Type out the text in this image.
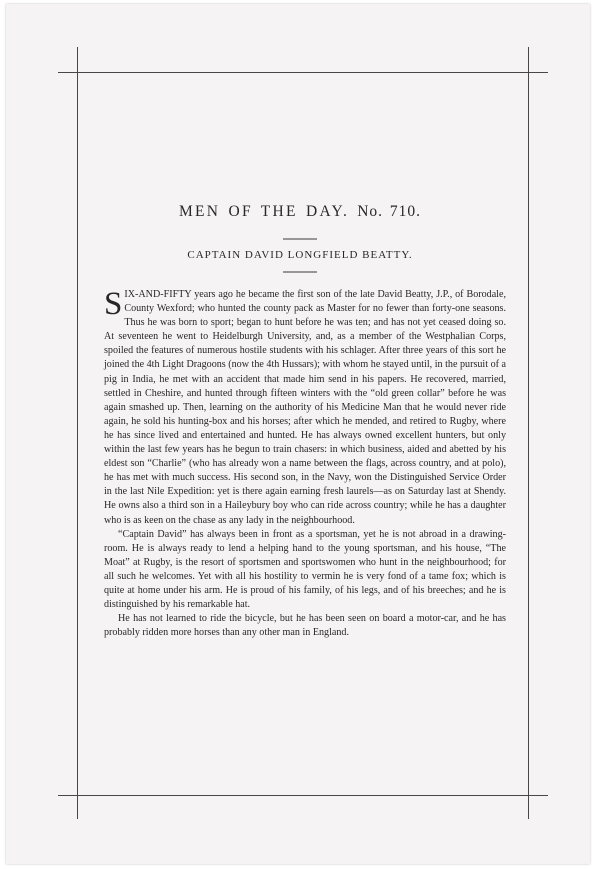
MEN OF THE DAY. No. 710.
CAPTAIN DAVID LONGFIELD BEATTY.

SIX-AND-FIFTY years ago he became the first son of the late David Beatty, J.P., of Borodale, County Wexford; who hunted the county pack as Master for no fewer than forty-one seasons. Thus he was born to sport; began to hunt before he was ten; and has not yet ceased doing so. At seventeen he went to Heidelburgh University, and, as a member of the Westphalian Corps, spoiled the features of numerous hostile students with his schlager. After three years of this sort he joined the 4th Light Dragoons (now the 4th Hussars); with whom he stayed until, in the pursuit of a pig in India, he met with an accident that made him send in his papers. He recovered, married, settled in Cheshire, and hunted through fifteen winters with the “old green collar” before he was again smashed up. Then, learning on the authority of his Medicine Man that he would never ride again, he sold his hunting-box and his horses; after which he mended, and retired to Rugby, where he has since lived and entertained and hunted. He has always owned excellent hunters, but only within the last few years has he begun to train chasers: in which business, aided and abetted by his eldest son “Charlie” (who has already won a name between the flags, across country, and at polo), he has met with much success. His second son, in the Navy, won the Distinguished Service Order in the last Nile Expedition: yet is there again earning fresh laurels—as on Saturday last at Shendy. He owns also a third son in a Haileybury boy who can ride across country; while he has a daughter who is as keen on the chase as any lady in the neighbourhood.

“Captain David” has always been in front as a sportsman, yet he is not abroad in a drawing-room. He is always ready to lend a helping hand to the young sportsman, and his house, “The Moat” at Rugby, is the resort of sportsmen and sportswomen who hunt in the neighbourhood; for all such he welcomes. Yet with all his hostility to vermin he is very fond of a tame fox; which is quite at home under his arm. He is proud of his family, of his legs, and of his breeches; and he is distinguished by his remarkable hat.

He has not learned to ride the bicycle, but he has been seen on board a motor-car, and he has probably ridden more horses than any other man in England.
